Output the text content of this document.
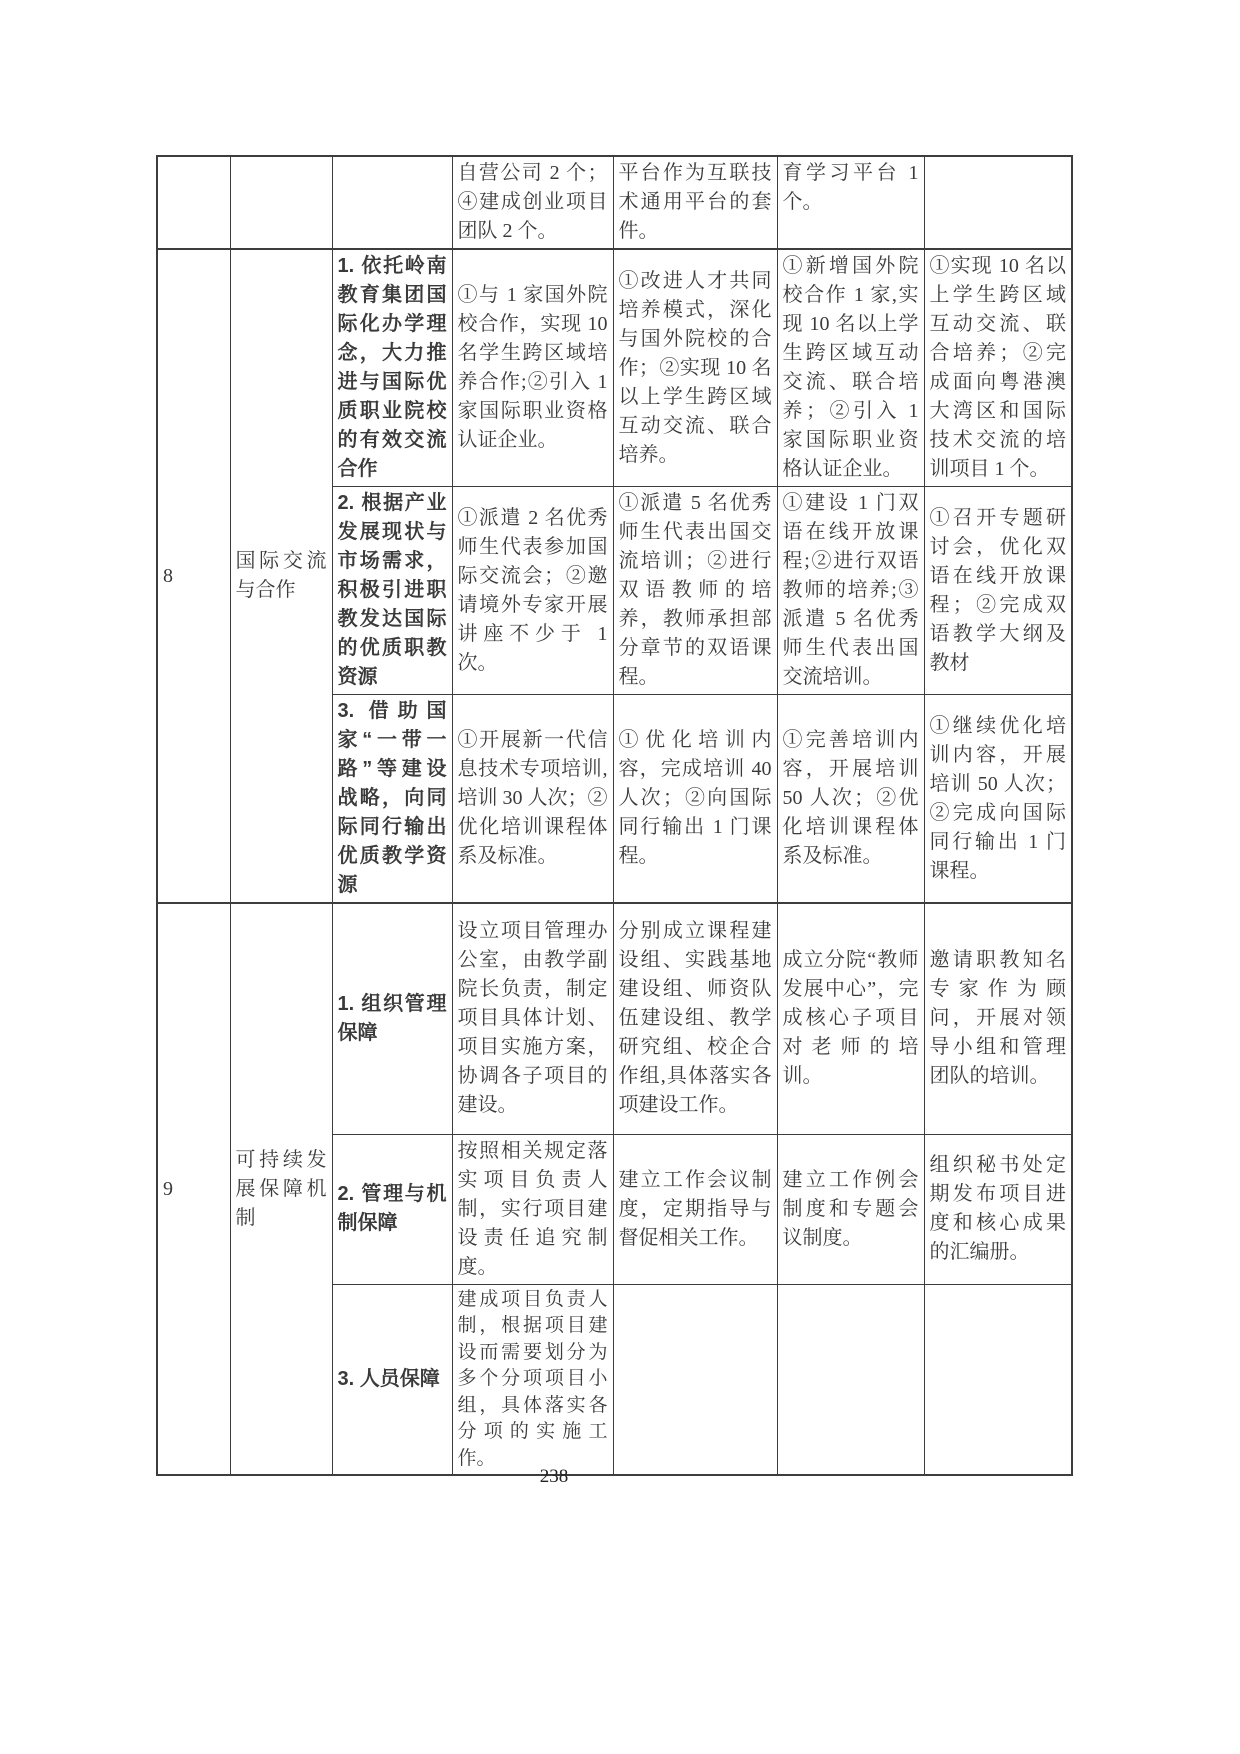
			自营公司 2 个；④建成创业项目团队 2 个。	平台作为互联技术通用平台的套件。	育学习平台 1 个。	
8	国际交流与合作	1. 依托岭南教育集团国际化办学理念，大力推进与国际优质职业院校的有效交流合作	①与 1 家国外院校合作，实现 10 名学生跨区域培养合作;②引入 1 家国际职业资格认证企业。	①改进人才共同培养模式，深化与国外院校的合作；②实现 10 名以上学生跨区域互动交流、联合培养。	①新增国外院校合作 1 家,实现 10 名以上学生跨区域互动交流、联合培养；②引入 1 家国际职业资格认证企业。	①实现 10 名以上学生跨区域互动交流、联合培养；②完成面向粤港澳大湾区和国际技术交流的培训项目 1 个。
		2. 根据产业发展现状与市场需求，积极引进职教发达国际的优质职教资源	①派遣 2 名优秀师生代表参加国际交流会；②邀请境外专家开展讲座不少于 1 次。	①派遣 5 名优秀师生代表出国交流培训；②进行双语教师的培养，教师承担部分章节的双语课程。	①建设 1 门双语在线开放课程;②进行双语教师的培养;③派遣 5 名优秀师生代表出国交流培训。	①召开专题研讨会，优化双语在线开放课程；②完成双语教学大纲及教材
		3. 借助国家“一带一路”等建设战略，向同际同行输出优质教学资源	①开展新一代信息技术专项培训,培训 30 人次；②优化培训课程体系及标准。	①优化培训内容，完成培训 40 人次；②向国际同行输出 1 门课程。	①完善培训内容，开展培训 50 人次；②优化培训课程体系及标准。	①继续优化培训内容，开展培训 50 人次；②完成向国际同行输出 1 门课程。
9	可持续发展保障机制	1. 组织管理保障	设立项目管理办公室，由教学副院长负责，制定项目具体计划、项目实施方案，协调各子项目的建设。	分别成立课程建设组、实践基地建设组、师资队伍建设组、教学研究组、校企合作组,具体落实各项建设工作。	成立分院“教师发展中心”，完成核心子项目对老师的培训。	邀请职教知名专家作为顾问，开展对领导小组和管理团队的培训。
		2. 管理与机制保障	按照相关规定落实项目负责人制，实行项目建设责任追究制度。	建立工作会议制度，定期指导与督促相关工作。	建立工作例会制度和专题会议制度。	组织秘书处定期发布项目进度和核心成果的汇编册。
		3. 人员保障	建成项目负责人制，根据项目建设而需要划分为多个分项项目小组，具体落实各分项的实施工作。			
238
